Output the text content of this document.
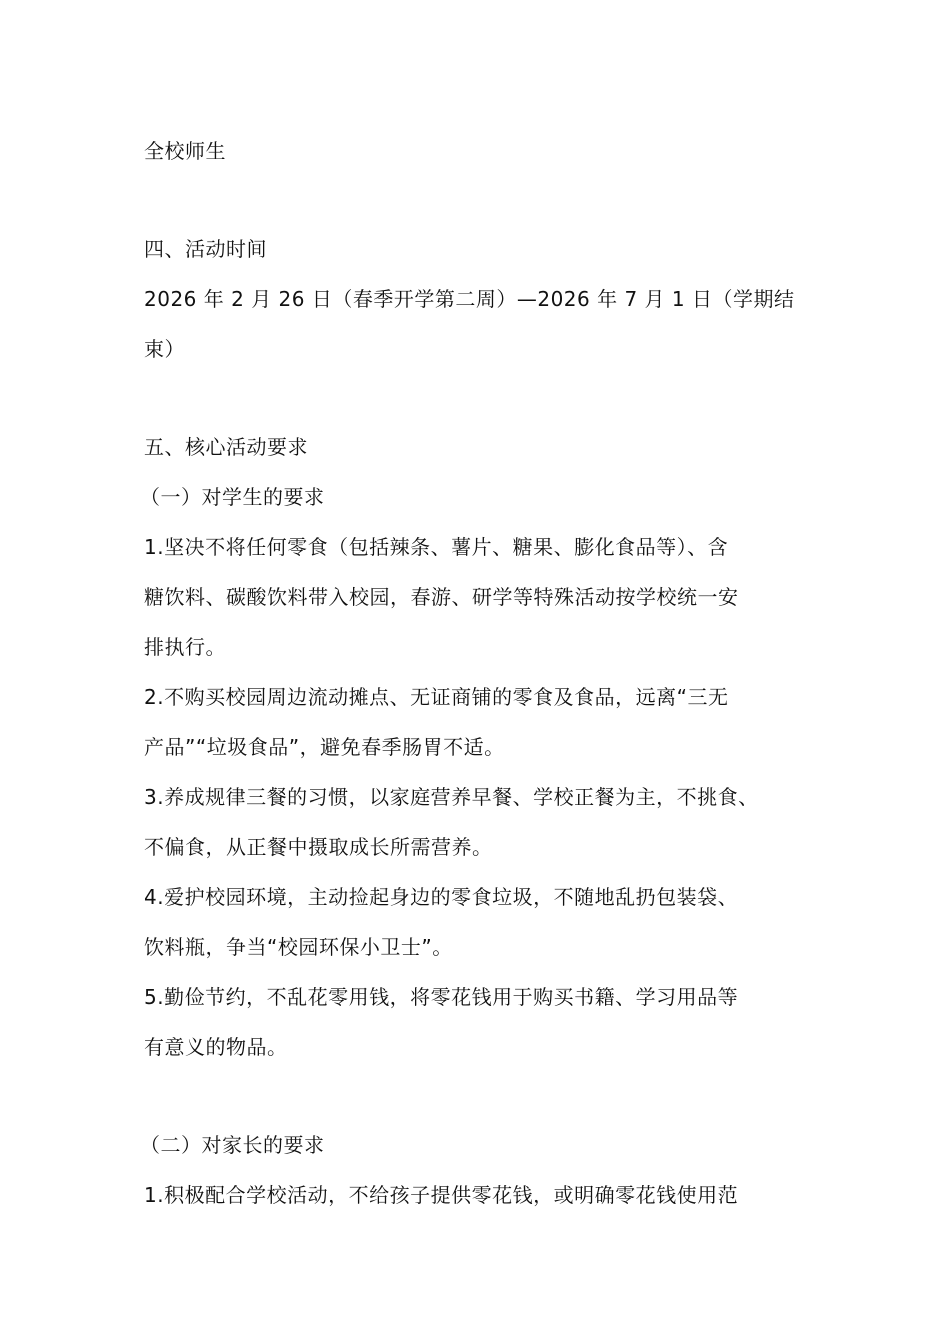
全校师生
四、活动时间
2026 年 2 月 26 日（春季开学第二周）—2026 年 7 月 1 日（学期结
束）
五、核心活动要求
（一）对学生的要求
1.坚决不将任何零食（包括辣条、薯片、糖果、膨化食品等）、含
糖饮料、碳酸饮料带入校园，春游、研学等特殊活动按学校统一安
排执行。
2.不购买校园周边流动摊点、无证商铺的零食及食品，远离“三无
产品”“垃圾食品”，避免春季肠胃不适。
3.养成规律三餐的习惯，以家庭营养早餐、学校正餐为主，不挑食、
不偏食，从正餐中摄取成长所需营养。
4.爱护校园环境，主动捡起身边的零食垃圾，不随地乱扔包装袋、
饮料瓶，争当“校园环保小卫士”。
5.勤俭节约，不乱花零用钱，将零花钱用于购买书籍、学习用品等
有意义的物品。
（二）对家长的要求
1.积极配合学校活动，不给孩子提供零花钱，或明确零花钱使用范
